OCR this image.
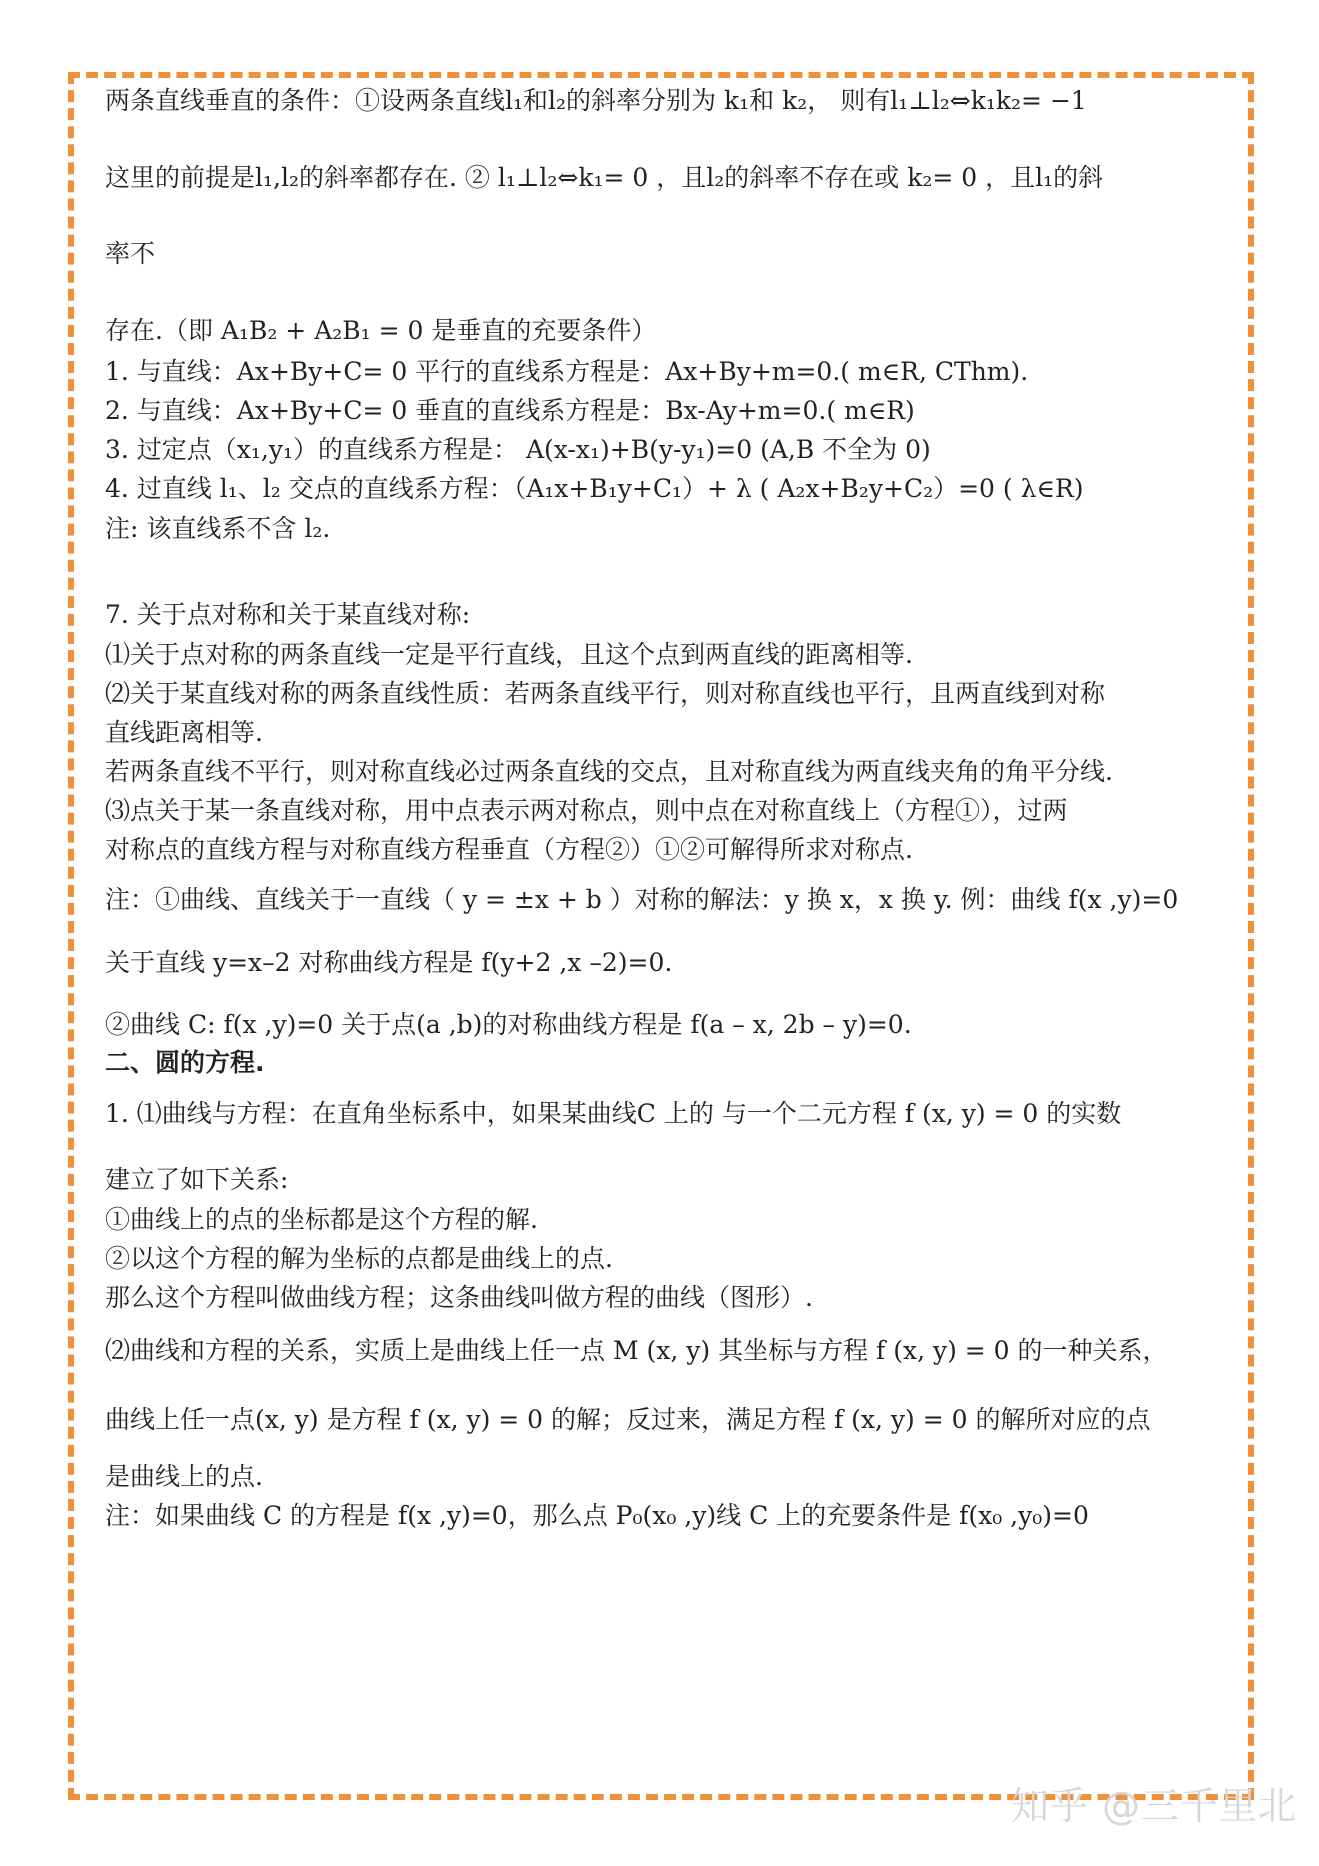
两条直线垂直的条件：①设两条直线l₁和l₂的斜率分别为 k₁和 k₂， 则有l₁⊥l₂⇔k₁k₂= −1
这里的前提是l₁,l₂的斜率都存在. ② l₁⊥l₂⇔k₁= 0 ，且l₂的斜率不存在或 k₂= 0 ，且l₁的斜
率不
存在.（即 A₁B₂ + A₂B₁ = 0 是垂直的充要条件）
1. 与直线：Ax+By+C= 0 平行的直线系方程是：Ax+By+m=0.( m∈R, CThm).
2. 与直线：Ax+By+C= 0 垂直的直线系方程是：Bx-Ay+m=0.( m∈R)
3. 过定点（x₁,y₁）的直线系方程是： A(x-x₁)+B(y-y₁)=0 (A,B 不全为 0)
4. 过直线 l₁、l₂ 交点的直线系方程：（A₁x+B₁y+C₁）+ λ ( A₂x+B₂y+C₂）=0 ( λ∈R)
注: 该直线系不含 l₂.
7. 关于点对称和关于某直线对称:
⑴关于点对称的两条直线一定是平行直线，且这个点到两直线的距离相等.
⑵关于某直线对称的两条直线性质：若两条直线平行，则对称直线也平行，且两直线到对称
直线距离相等.
若两条直线不平行，则对称直线必过两条直线的交点，且对称直线为两直线夹角的角平分线.
⑶点关于某一条直线对称，用中点表示两对称点，则中点在对称直线上（方程①），过两
对称点的直线方程与对称直线方程垂直（方程②）①②可解得所求对称点.
注：①曲线、直线关于一直线（ y = ±x + b ）对称的解法：y 换 x，x 换 y. 例：曲线 f(x ,y)=0
关于直线 y=x–2 对称曲线方程是 f(y+2 ,x –2)=0.
②曲线 C: f(x ,y)=0 关于点(a ,b)的对称曲线方程是 f(a – x, 2b – y)=0.
二、圆的方程.
1. ⑴曲线与方程：在直角坐标系中，如果某曲线C 上的 与一个二元方程 f (x, y) = 0 的实数
建立了如下关系:
①曲线上的点的坐标都是这个方程的解.
②以这个方程的解为坐标的点都是曲线上的点.
那么这个方程叫做曲线方程；这条曲线叫做方程的曲线（图形）.
⑵曲线和方程的关系，实质上是曲线上任一点 M (x, y) 其坐标与方程 f (x, y) = 0 的一种关系，
曲线上任一点(x, y) 是方程 f (x, y) = 0 的解；反过来，满足方程 f (x, y) = 0 的解所对应的点
是曲线上的点.
注：如果曲线 C 的方程是 f(x ,y)=0，那么点 P₀(x₀ ,y)线 C 上的充要条件是 f(x₀ ,y₀)=0
知乎 @三千里北
